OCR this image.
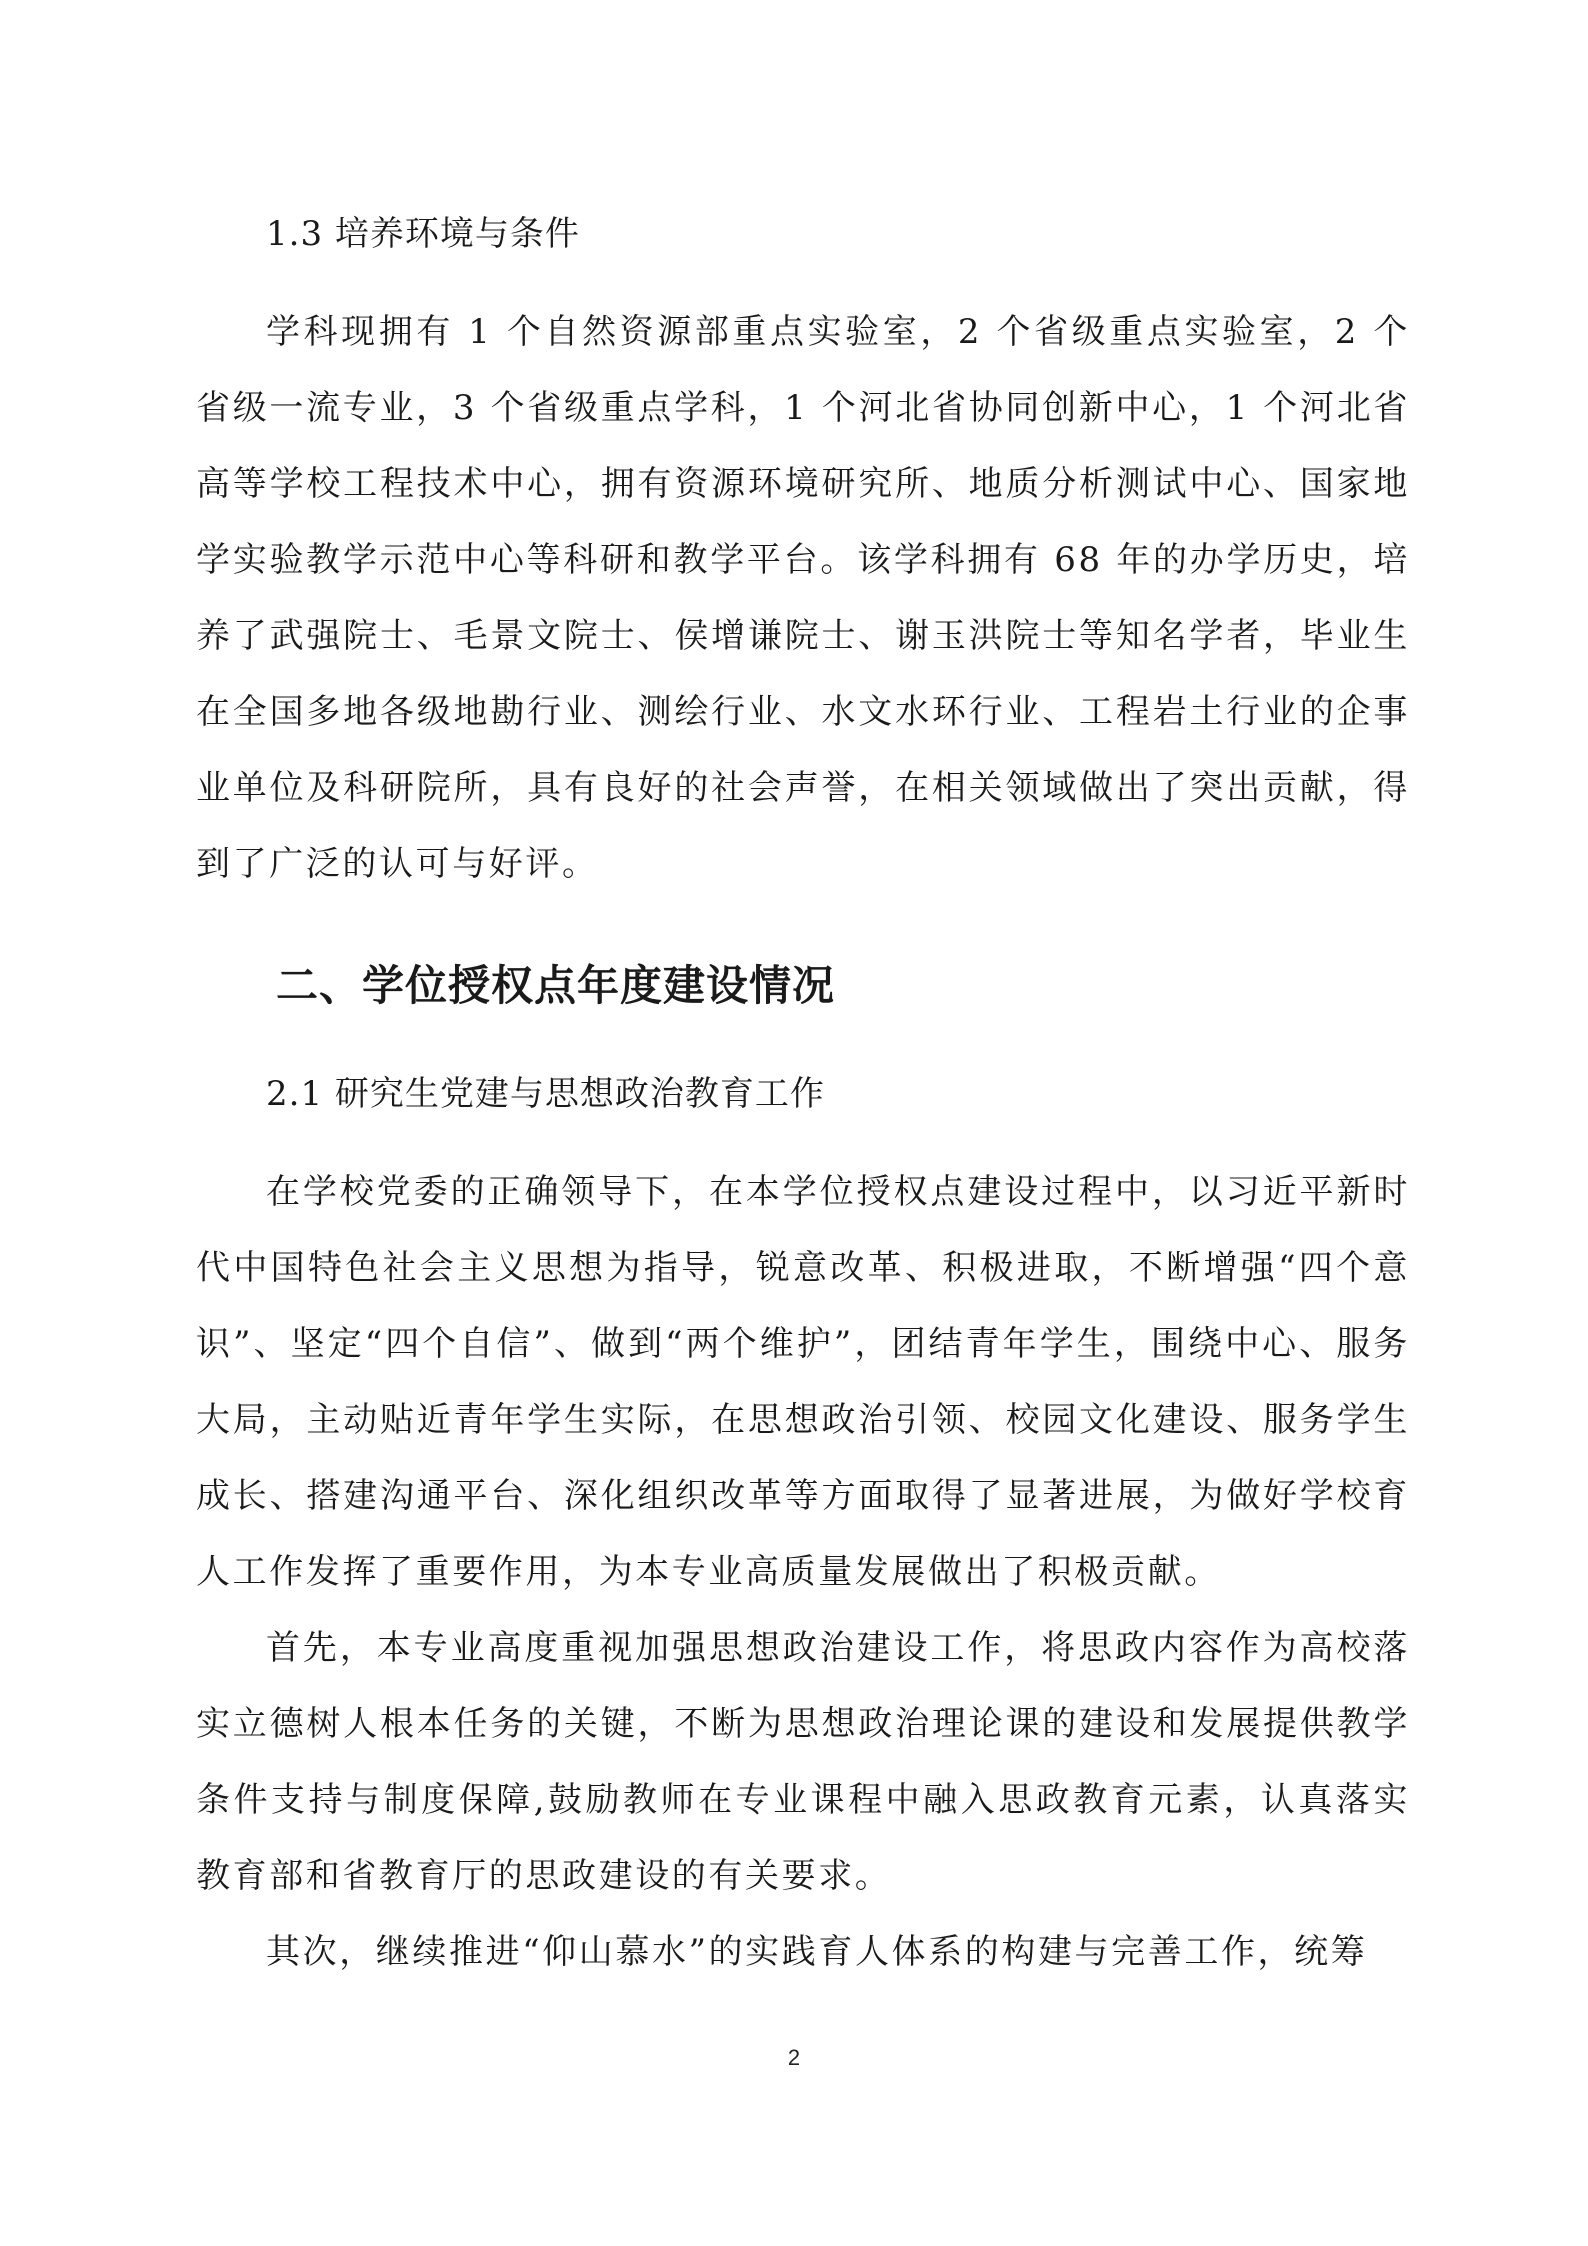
1.3 培养环境与条件

学科现拥有 1 个自然资源部重点实验室，2 个省级重点实验室，2 个省级一流专业，3 个省级重点学科，1 个河北省协同创新中心，1 个河北省高等学校工程技术中心，拥有资源环境研究所、地质分析测试中心、国家地学实验教学示范中心等科研和教学平台。该学科拥有 68 年的办学历史，培养了武强院士、毛景文院士、侯增谦院士、谢玉洪院士等知名学者，毕业生在全国多地各级地勘行业、测绘行业、水文水环行业、工程岩土行业的企事业单位及科研院所，具有良好的社会声誉，在相关领域做出了突出贡献，得到了广泛的认可与好评。

二、学位授权点年度建设情况
2.1 研究生党建与思想政治教育工作

在学校党委的正确领导下，在本学位授权点建设过程中，以习近平新时代中国特色社会主义思想为指导，锐意改革、积极进取，不断增强“四个意识”、坚定“四个自信”、做到“两个维护”，团结青年学生，围绕中心、服务大局，主动贴近青年学生实际，在思想政治引领、校园文化建设、服务学生成长、搭建沟通平台、深化组织改革等方面取得了显著进展，为做好学校育人工作发挥了重要作用，为本专业高质量发展做出了积极贡献。

首先，本专业高度重视加强思想政治建设工作，将思政内容作为高校落实立德树人根本任务的关键，不断为思想政治理论课的建设和发展提供教学条件支持与制度保障,鼓励教师在专业课程中融入思政教育元素，认真落实教育部和省教育厅的思政建设的有关要求。

其次，继续推进“仰山慕水”的实践育人体系的构建与完善工作，统筹

2
